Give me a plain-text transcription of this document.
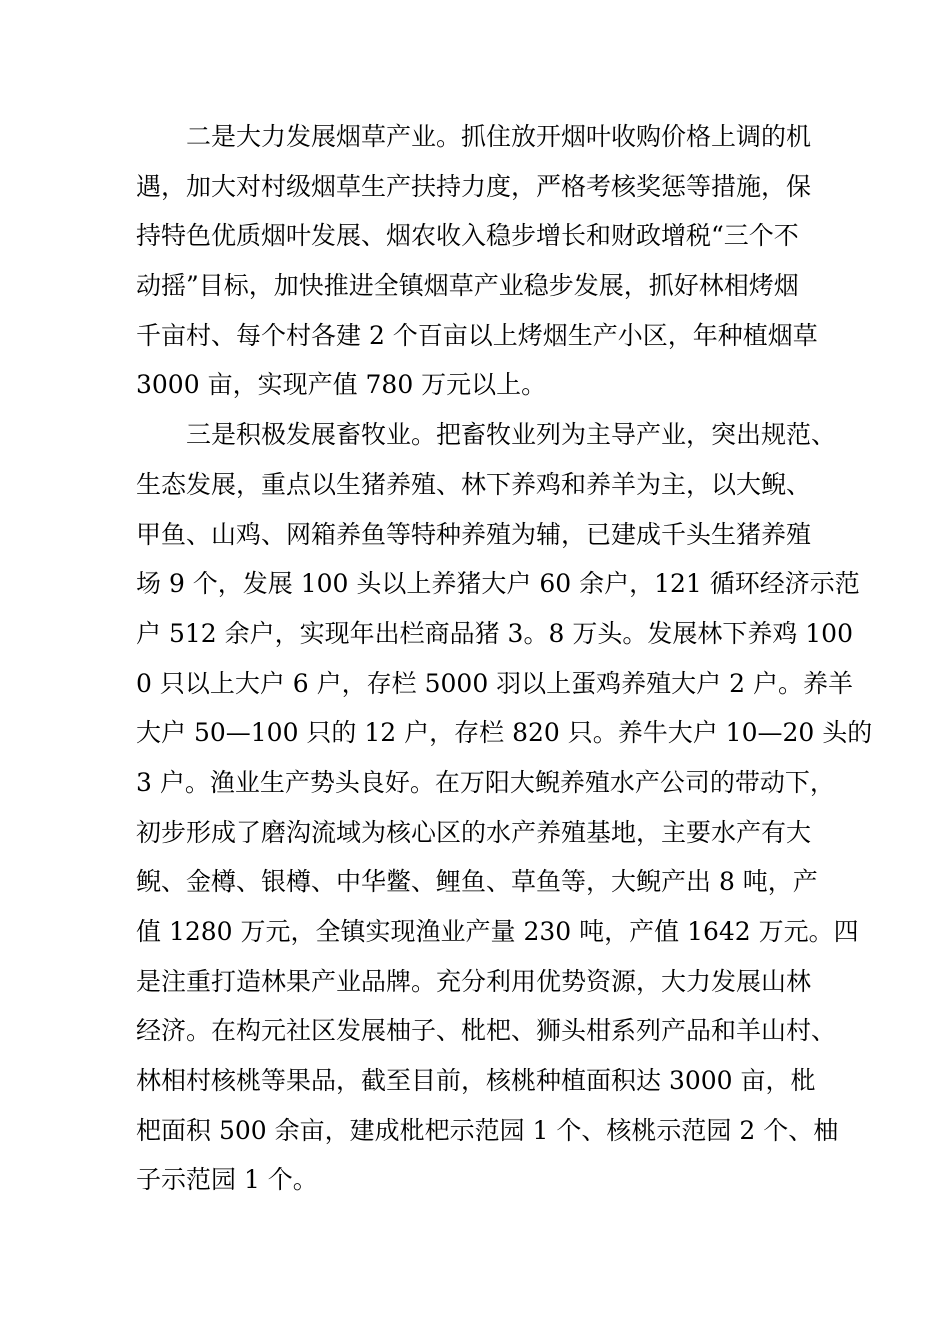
二是大力发展烟草产业。抓住放开烟叶收购价格上调的机
遇，加大对村级烟草生产扶持力度，严格考核奖惩等措施，保
持特色优质烟叶发展、烟农收入稳步增长和财政增税“三个不
动摇”目标，加快推进全镇烟草产业稳步发展，抓好林相烤烟
千亩村、每个村各建 2 个百亩以上烤烟生产小区，年种植烟草
3000 亩，实现产值 780 万元以上。
三是积极发展畜牧业。把畜牧业列为主导产业，突出规范、
生态发展，重点以生猪养殖、林下养鸡和养羊为主，以大鲵、
甲鱼、山鸡、网箱养鱼等特种养殖为辅，已建成千头生猪养殖
场 9 个，发展 100 头以上养猪大户 60 余户，121 循环经济示范
户 512 余户，实现年出栏商品猪 3。8 万头。发展林下养鸡 100
0 只以上大户 6 户，存栏 5000 羽以上蛋鸡养殖大户 2 户。养羊
大户 50—100 只的 12 户，存栏 820 只。养牛大户 10—20 头的
3 户。渔业生产势头良好。在万阳大鲵养殖水产公司的带动下，
初步形成了磨沟流域为核心区的水产养殖基地，主要水产有大
鲵、金樽、银樽、中华鳖、鲤鱼、草鱼等，大鲵产出 8 吨，产
值 1280 万元，全镇实现渔业产量 230 吨，产值 1642 万元。四
是注重打造林果产业品牌。充分利用优势资源，大力发展山林
经济。在构元社区发展柚子、枇杷、狮头柑系列产品和羊山村、
林相村核桃等果品，截至目前，核桃种植面积达 3000 亩，枇
杷面积 500 余亩，建成枇杷示范园 1 个、核桃示范园 2 个、柚
子示范园 1 个。
